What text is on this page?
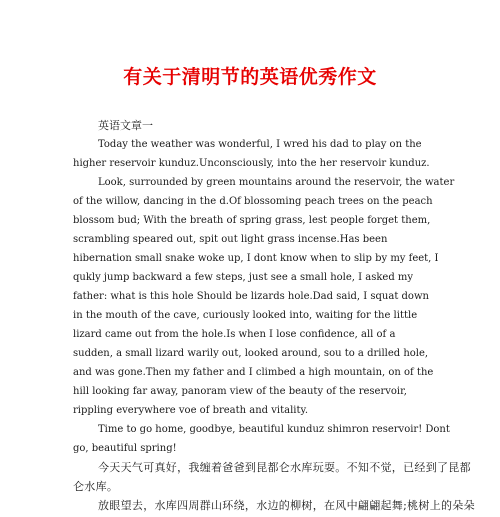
有关于清明节的英语优秀作文
英语文章一

Today the weather was wonderful, I wred his dad to play on the
higher reservoir kunduz.Unconsciously, into the her reservoir kunduz.

Look, surrounded by green mountains around the reservoir, the water
of the willow, dancing in the d.Of blossoming peach trees on the peach
blossom bud; With the breath of spring grass, lest people forget them,
scrambling speared out, spit out light grass incense.Has been
hibernation small snake woke up, I dont know when to slip by my feet, I
qukly jump backward a few steps, just see a small hole, I asked my
father: what is this hole Should be lizards hole.Dad said, I squat down
in the mouth of the cave, curiously looked into, waiting for the little
lizard came out from the hole.Is when I lose confidence, all of a
sudden, a small lizard warily out, looked around, sou to a drilled hole,
and was gone.Then my father and I climbed a high mountain, on of the
hill looking far away, panoram view of the beauty of the reservoir,
rippling everywhere voe of breath and vitality.

Time to go home, goodbye, beautiful kunduz shimron reservoir! Dont
go, beautiful spring!

今天天气可真好，我缠着爸爸到昆都仑水库玩耍。不知不觉，已经到了昆都
仑水库。

放眼望去，水库四周群山环绕，水边的柳树，在风中翩翩起舞;桃树上的朵朵
